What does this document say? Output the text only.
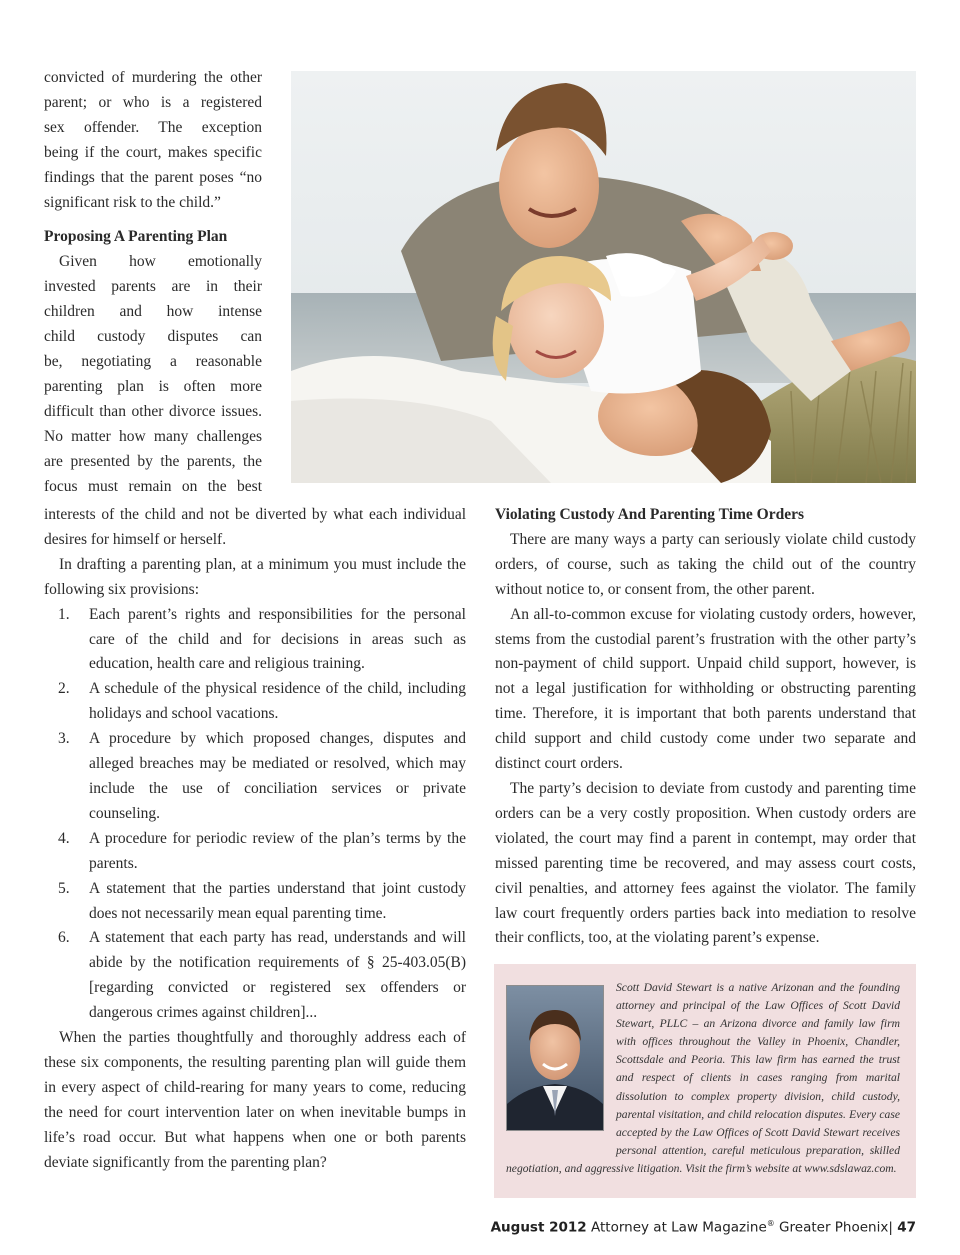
convicted of murdering the other

parent; or who is a registered

sex offender. The exception

being if the court, makes specific

findings that the parent poses “no

significant risk to the child.”

Proposing A Parenting Plan

Given how emotionally

invested parents are in their

children and how intense

child custody disputes can

be, negotiating a reasonable

parenting plan is often more

difficult than other divorce issues.

No matter how many challenges

are presented by the parents, the

focus must remain on the best

interests of the child and not be diverted by what each individual desires for himself or herself.

In drafting a parenting plan, at a minimum you must include the following six provisions:

1. Each parent’s rights and responsibilities for the personal care of the child and for decisions in areas such as education, health care and religious training.
2. A schedule of the physical residence of the child, including holidays and school vacations.
3. A procedure by which proposed changes, disputes and alleged breaches may be mediated or resolved, which may include the use of conciliation services or private counseling.
4. A procedure for periodic review of the plan’s terms by the parents.
5. A statement that the parties understand that joint custody does not necessarily mean equal parenting time.
6. A statement that each party has read, understands and will abide by the notification requirements of § 25-403.05(B) [regarding convicted or registered sex offenders or dangerous crimes against children]...

When the parties thoughtfully and thoroughly address each of these six components, the resulting parenting plan will guide them in every aspect of child-rearing for many years to come, reducing the need for court intervention later on when inevitable bumps in life’s road occur. But what happens when one or both parents deviate significantly from the parenting plan?

Violating Custody And Parenting Time Orders

There are many ways a party can seriously violate child custody orders, of course, such as taking the child out of the country without notice to, or consent from, the other parent.

An all-to-common excuse for violating custody orders, however, stems from the custodial parent’s frustration with the other party’s non-payment of child support. Unpaid child support, however, is not a legal justification for withholding or obstructing parenting time. Therefore, it is important that both parents understand that child support and child custody come under two separate and distinct court orders.

The party’s decision to deviate from custody and parenting time orders can be a very costly proposition. When custody orders are violated, the court may find a parent in contempt, may order that missed parenting time be recovered, and may assess court costs, civil penalties, and attorney fees against the violator. The family law court frequently orders parties back into mediation to resolve their conflicts, too, at the violating parent’s expense.

Scott David Stewart is a native Arizonan and the founding attorney and principal of the Law Offices of Scott David Stewart, PLLC – an Arizona divorce and family law firm with offices throughout the Valley in Phoenix, Chandler, Scottsdale and Peoria. This law firm has earned the trust and respect of clients in cases ranging from marital dissolution to complex property division, child custody, parental visitation, and child relocation disputes. Every case accepted by the Law Offices of Scott David Stewart receives personal attention, careful meticulous preparation, skilled negotiation, and aggressive litigation. Visit the firm’s website at www.sdslawaz.com.
August 2012 Attorney at Law Magazine® Greater Phoenix| 47
